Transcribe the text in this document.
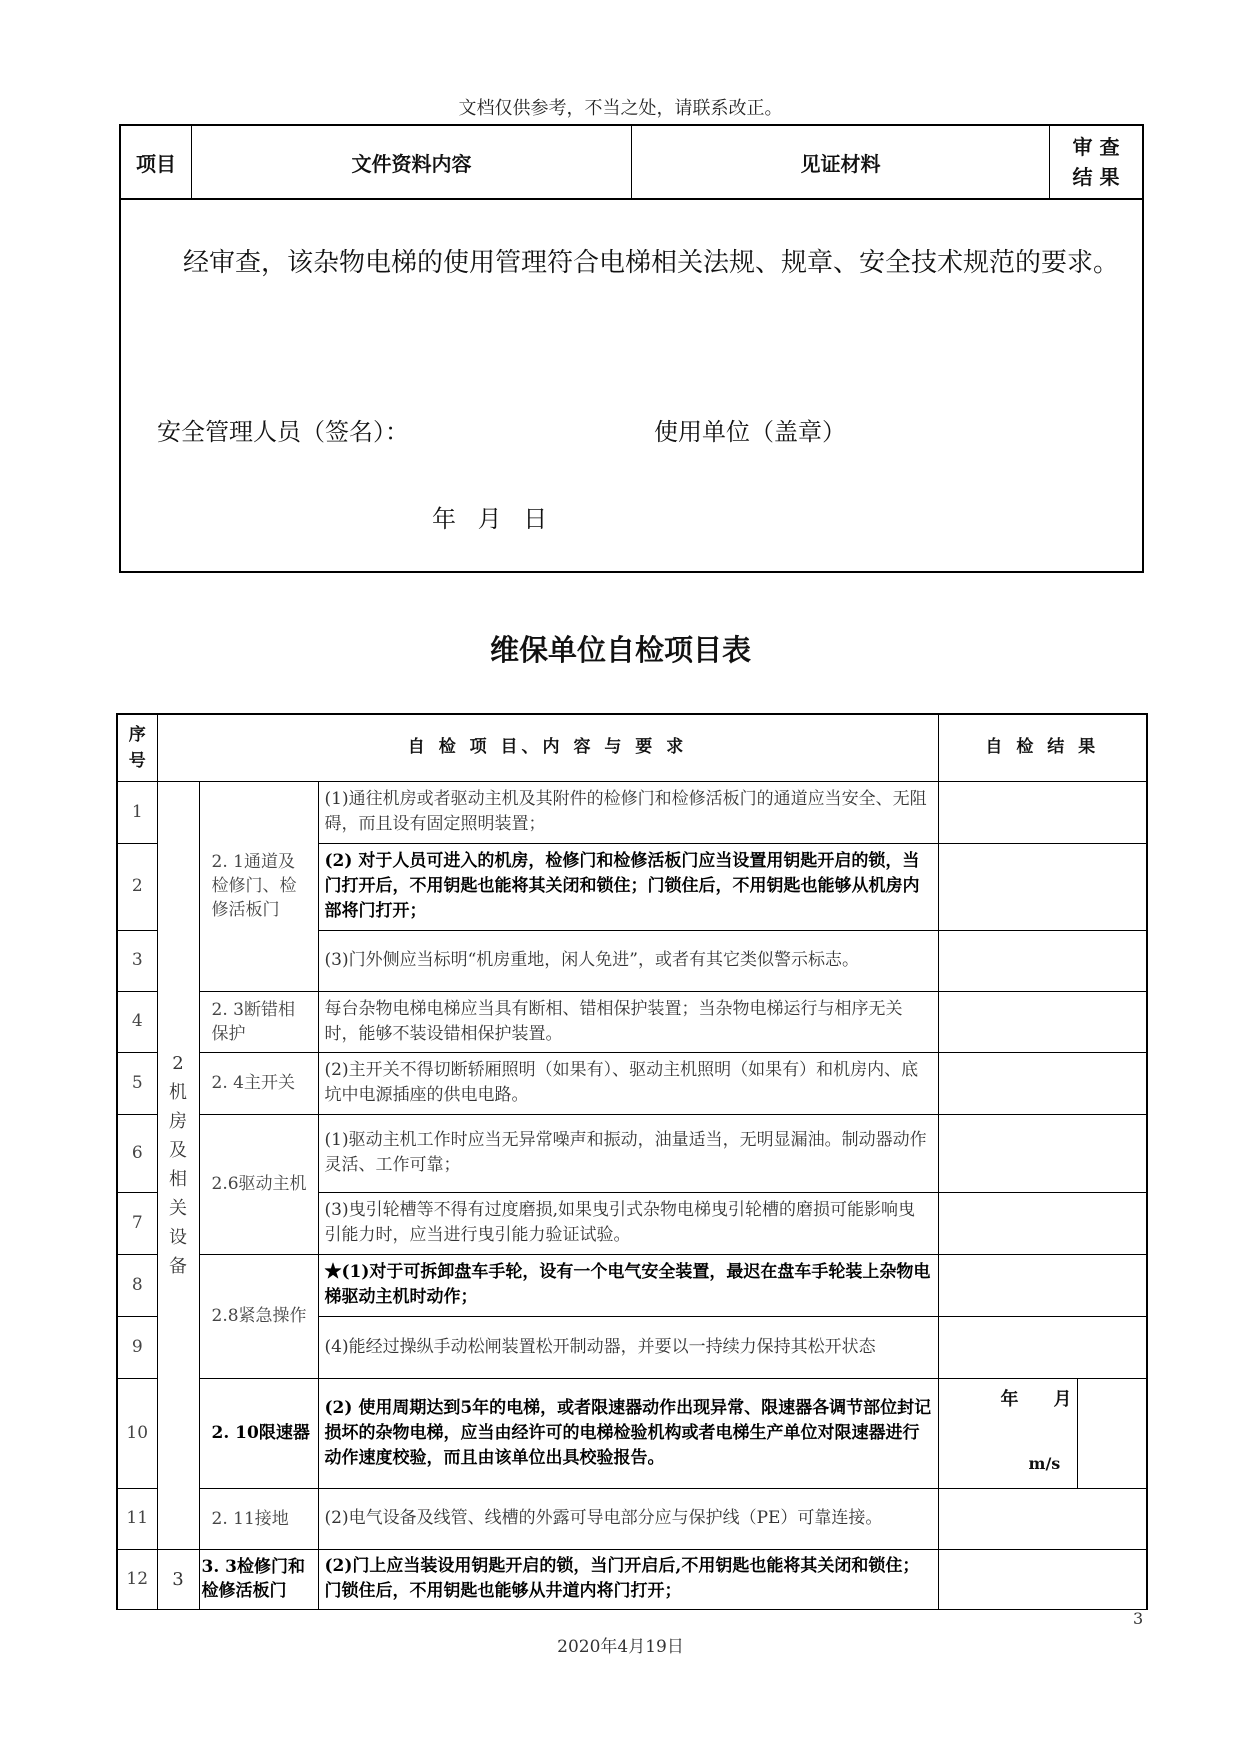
文档仅供参考，不当之处，请联系改正。
项目	文件资料内容	见证材料
审 查
结 果
经审查，该杂物电梯的使用管理符合电梯相关法规、规章、安全技术规范的要求。
安全管理人员（签名）：	使用单位（盖章）
年 月 日
维保单位自检项目表
序号	自 检 项 目、内 容 与 要 求			自 检 结 果	
1	2机房及相关设备	2. 1通道及检修门、检修活板门	(1)通往机房或者驱动主机及其附件的检修门和检修活板门的通道应当安全、无阻碍，而且设有固定照明装置；		
2			(2) 对于人员可进入的机房，检修门和检修活板门应当设置用钥匙开启的锁，当门打开后，不用钥匙也能将其关闭和锁住；门锁住后，不用钥匙也能够从机房内部将门打开；		
3			(3)门外侧应当标明“机房重地，闲人免进”，或者有其它类似警示标志。		
4		2. 3断错相保护	每台杂物电梯电梯应当具有断相、错相保护装置；当杂物电梯运行与相序无关时，能够不装设错相保护装置。		
5		2. 4主开关	(2)主开关不得切断轿厢照明（如果有）、驱动主机照明（如果有）和机房内、底坑中电源插座的供电电路。		
6		2.6驱动主机	(1)驱动主机工作时应当无异常噪声和振动，油量适当，无明显漏油。制动器动作灵活、工作可靠；		
7			(3)曳引轮槽等不得有过度磨损,如果曳引式杂物电梯曳引轮槽的磨损可能影响曳引能力时，应当进行曳引能力验证试验。		
8		2.8紧急操作	★(1)对于可拆卸盘车手轮，设有一个电气安全装置，最迟在盘车手轮装上杂物电梯驱动主机时动作；		
9			(4)能经过操纵手动松闸装置松开制动器，并要以一持续力保持其松开状态		
10		2. 10限速器	(2) 使用周期达到5年的电梯，或者限速器动作出现异常、限速器各调节部位封记损坏的杂物电梯，应当由经许可的电梯检验机构或者电梯生产单位对限速器进行动作速度校验，而且由该单位出具校验报告。	年 月
m/s	

11		2. 11接地	(2)电气设备及线管、线槽的外露可导电部分应与保护线（PE）可靠连接。		
12	3	3. 3检修门和检修活板门	(2)门上应当装设用钥匙开启的锁，当门开启后,不用钥匙也能将其关闭和锁住；门锁住后，不用钥匙也能够从井道内将门打开；		
3
2020年4月19日
